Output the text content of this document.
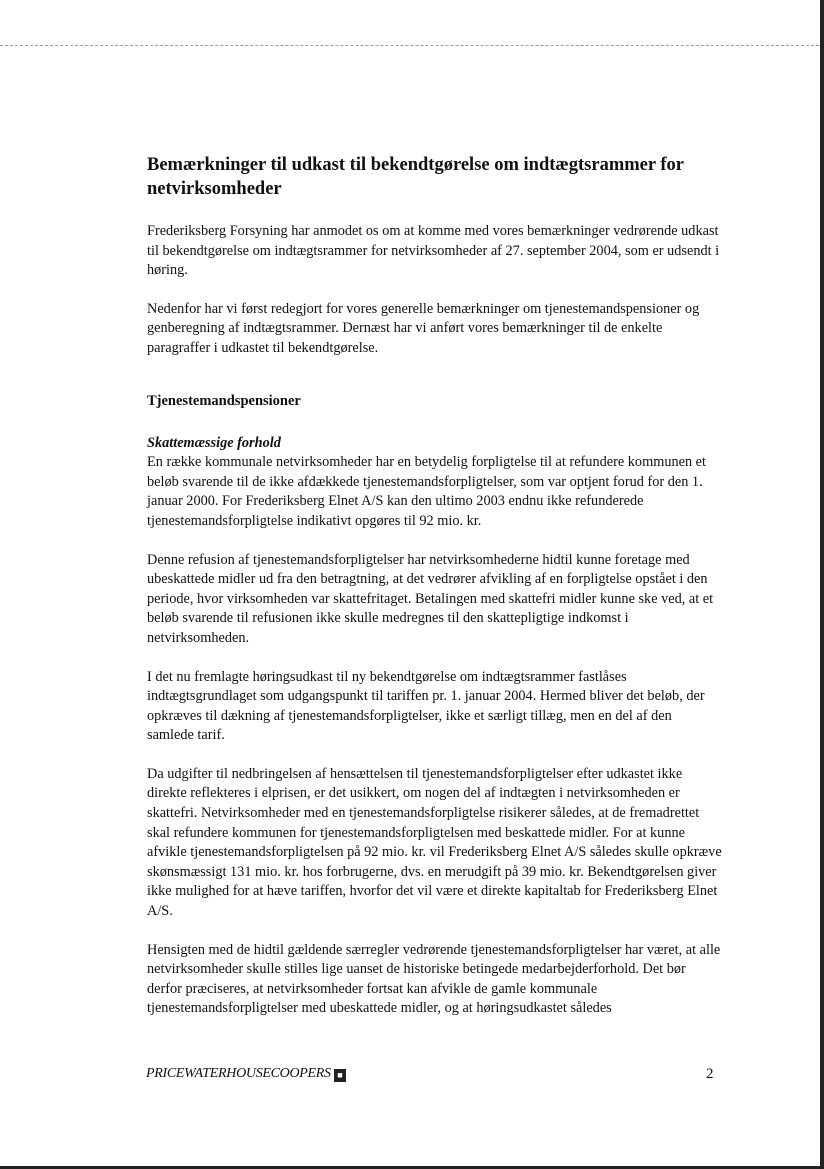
Bemærkninger til udkast til bekendtgørelse om indtægtsrammer for netvirksomheder

Frederiksberg Forsyning har anmodet os om at komme med vores bemærkninger vedrørende udkast til bekendtgørelse om indtægtsrammer for netvirksomheder af 27. september 2004, som er udsendt i høring.

Nedenfor har vi først redegjort for vores generelle bemærkninger om tjenestemandspensioner og genberegning af indtægtsrammer. Dernæst har vi anført vores bemærkninger til de enkelte paragraffer i udkastet til bekendtgørelse.

Tjenestemandspensioner

Skattemæssige forhold

En række kommunale netvirksomheder har en betydelig forpligtelse til at refundere kommunen et beløb svarende til de ikke afdækkede tjenestemandsforpligtelser, som var optjent forud for den 1. januar 2000. For Frederiksberg Elnet A/S kan den ultimo 2003 endnu ikke refunderede tjenestemandsforpligtelse indikativt opgøres til 92 mio. kr.

Denne refusion af tjenestemandsforpligtelser har netvirksomhederne hidtil kunne foretage med ubeskattede midler ud fra den betragtning, at det vedrører afvikling af en forpligtelse opstået i den periode, hvor virksomheden var skattefritaget. Betalingen med skattefri midler kunne ske ved, at et beløb svarende til refusionen ikke skulle medregnes til den skattepligtige indkomst i netvirksomheden.

I det nu fremlagte høringsudkast til ny bekendtgørelse om indtægtsrammer fastlåses indtægtsgrundlaget som udgangspunkt til tariffen pr. 1. januar 2004. Hermed bliver det beløb, der opkræves til dækning af tjenestemandsforpligtelser, ikke et særligt tillæg, men en del af den samlede tarif.

Da udgifter til nedbringelsen af hensættelsen til tjenestemandsforpligtelser efter udkastet ikke direkte reflekteres i elprisen, er det usikkert, om nogen del af indtægten i netvirksomheden er skattefri. Netvirksomheder med en tjenestemandsforpligtelse risikerer således, at de fremadrettet skal refundere kommunen for tjenestemandsforpligtelsen med beskattede midler. For at kunne afvikle tjenestemandsforpligtelsen på 92 mio. kr. vil Frederiksberg Elnet A/S således skulle opkræve skønsmæssigt 131 mio. kr. hos forbrugerne, dvs. en merudgift på 39 mio. kr. Bekendtgørelsen giver ikke mulighed for at hæve tariffen, hvorfor det vil være et direkte kapitaltab for Frederiksberg Elnet A/S.

Hensigten med de hidtil gældende særregler vedrørende tjenestemandsforpligtelser har været, at alle netvirksomheder skulle stilles lige uanset de historiske betingede medarbejderforhold. Det bør derfor præciseres, at netvirksomheder fortsat kan afvikle de gamle kommunale tjenestemandsforpligtelser med ubeskattede midler, og at høringsudkastet således

PRICEWATERHOUSECOOPERS ■	2
